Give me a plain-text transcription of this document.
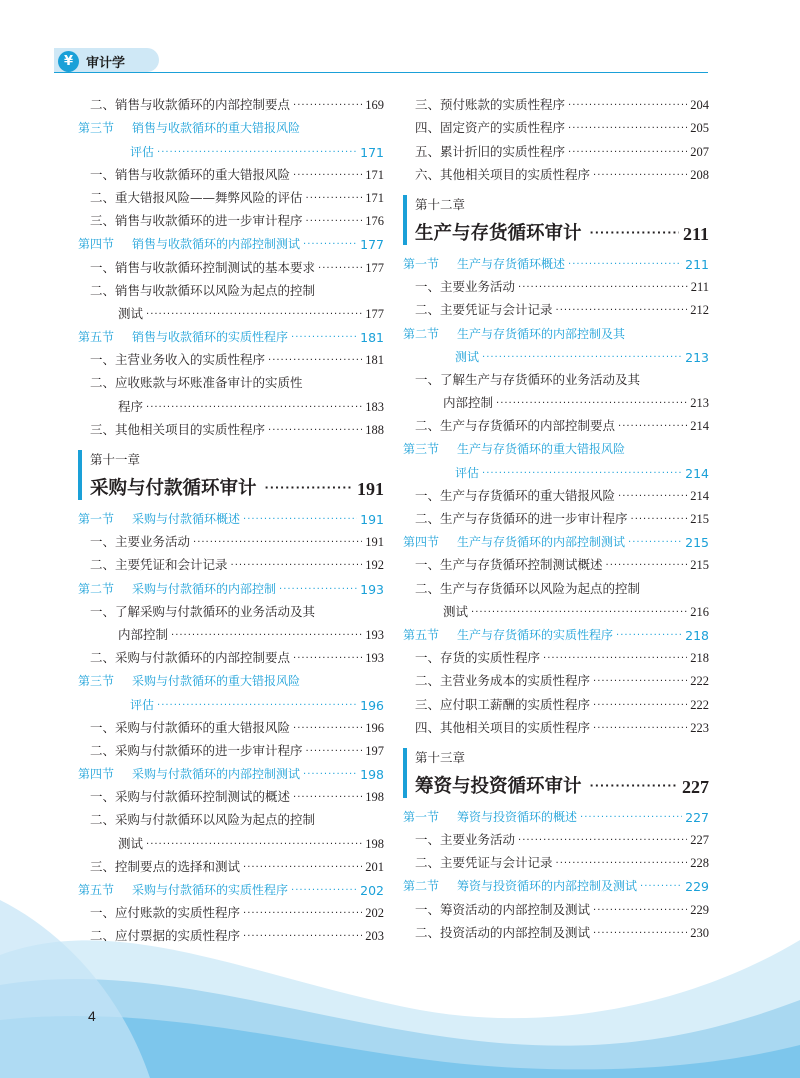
¥ 审计学
二、销售与收款循环的内部控制要点 ·····	169
第三节 销售与收款循环的重大错报风险
评估 ·····	171
一、销售与收款循环的重大错报风险 ·····	171
二、重大错报风险——舞弊风险的评估 ·····	171
三、销售与收款循环的进一步审计程序 ·····	176
第四节 销售与收款循环的内部控制测试 ·····	177
一、销售与收款循环控制测试的基本要求 ·····	177
二、销售与收款循环以风险为起点的控制
测试 ·····	177
第五节 销售与收款循环的实质性程序 ·····	181
一、主营业务收入的实质性程序 ·····	181
二、应收账款与坏账准备审计的实质性
程序 ·····	183
三、其他相关项目的实质性程序 ·····	188
第十一章
采购与付款循环审计 ·····	191
第一节 采购与付款循环概述 ·····	191
一、主要业务活动 ·····	191
二、主要凭证和会计记录 ·····	192
第二节 采购与付款循环的内部控制 ·····	193
一、了解采购与付款循环的业务活动及其
内部控制 ·····	193
二、采购与付款循环的内部控制要点 ·····	193
第三节 采购与付款循环的重大错报风险
评估 ·····	196
一、采购与付款循环的重大错报风险 ·····	196
二、采购与付款循环的进一步审计程序 ·····	197
第四节 采购与付款循环的内部控制测试 ·····	198
一、采购与付款循环控制测试的概述 ·····	198
二、采购与付款循环以风险为起点的控制
测试 ·····	198
三、控制要点的选择和测试 ·····	201
第五节 采购与付款循环的实质性程序 ·····	202
一、应付账款的实质性程序 ·····	202
二、应付票据的实质性程序 ·····	203
三、预付账款的实质性程序 ·····	204
四、固定资产的实质性程序 ·····	205
五、累计折旧的实质性程序 ·····	207
六、其他相关项目的实质性程序 ·····	208
第十二章
生产与存货循环审计 ·····	211
第一节 生产与存货循环概述 ·····	211
一、主要业务活动 ·····	211
二、主要凭证与会计记录 ·····	212
第二节 生产与存货循环的内部控制及其
测试 ·····	213
一、了解生产与存货循环的业务活动及其
内部控制 ·····	213
二、生产与存货循环的内部控制要点 ·····	214
第三节 生产与存货循环的重大错报风险
评估 ·····	214
一、生产与存货循环的重大错报风险 ·····	214
二、生产与存货循环的进一步审计程序 ·····	215
第四节 生产与存货循环的内部控制测试 ·····	215
一、生产与存货循环控制测试概述 ·····	215
二、生产与存货循环以风险为起点的控制
测试 ·····	216
第五节 生产与存货循环的实质性程序 ·····	218
一、存货的实质性程序 ·····	218
二、主营业务成本的实质性程序 ·····	222
三、应付职工薪酬的实质性程序 ·····	222
四、其他相关项目的实质性程序 ·····	223
第十三章
筹资与投资循环审计 ·····	227
第一节 筹资与投资循环的概述 ·····	227
一、主要业务活动 ·····	227
二、主要凭证与会计记录 ·····	228
第二节 筹资与投资循环的内部控制及测试 ·····	229
一、筹资活动的内部控制及测试 ·····	229
二、投资活动的内部控制及测试 ·····	230
4
